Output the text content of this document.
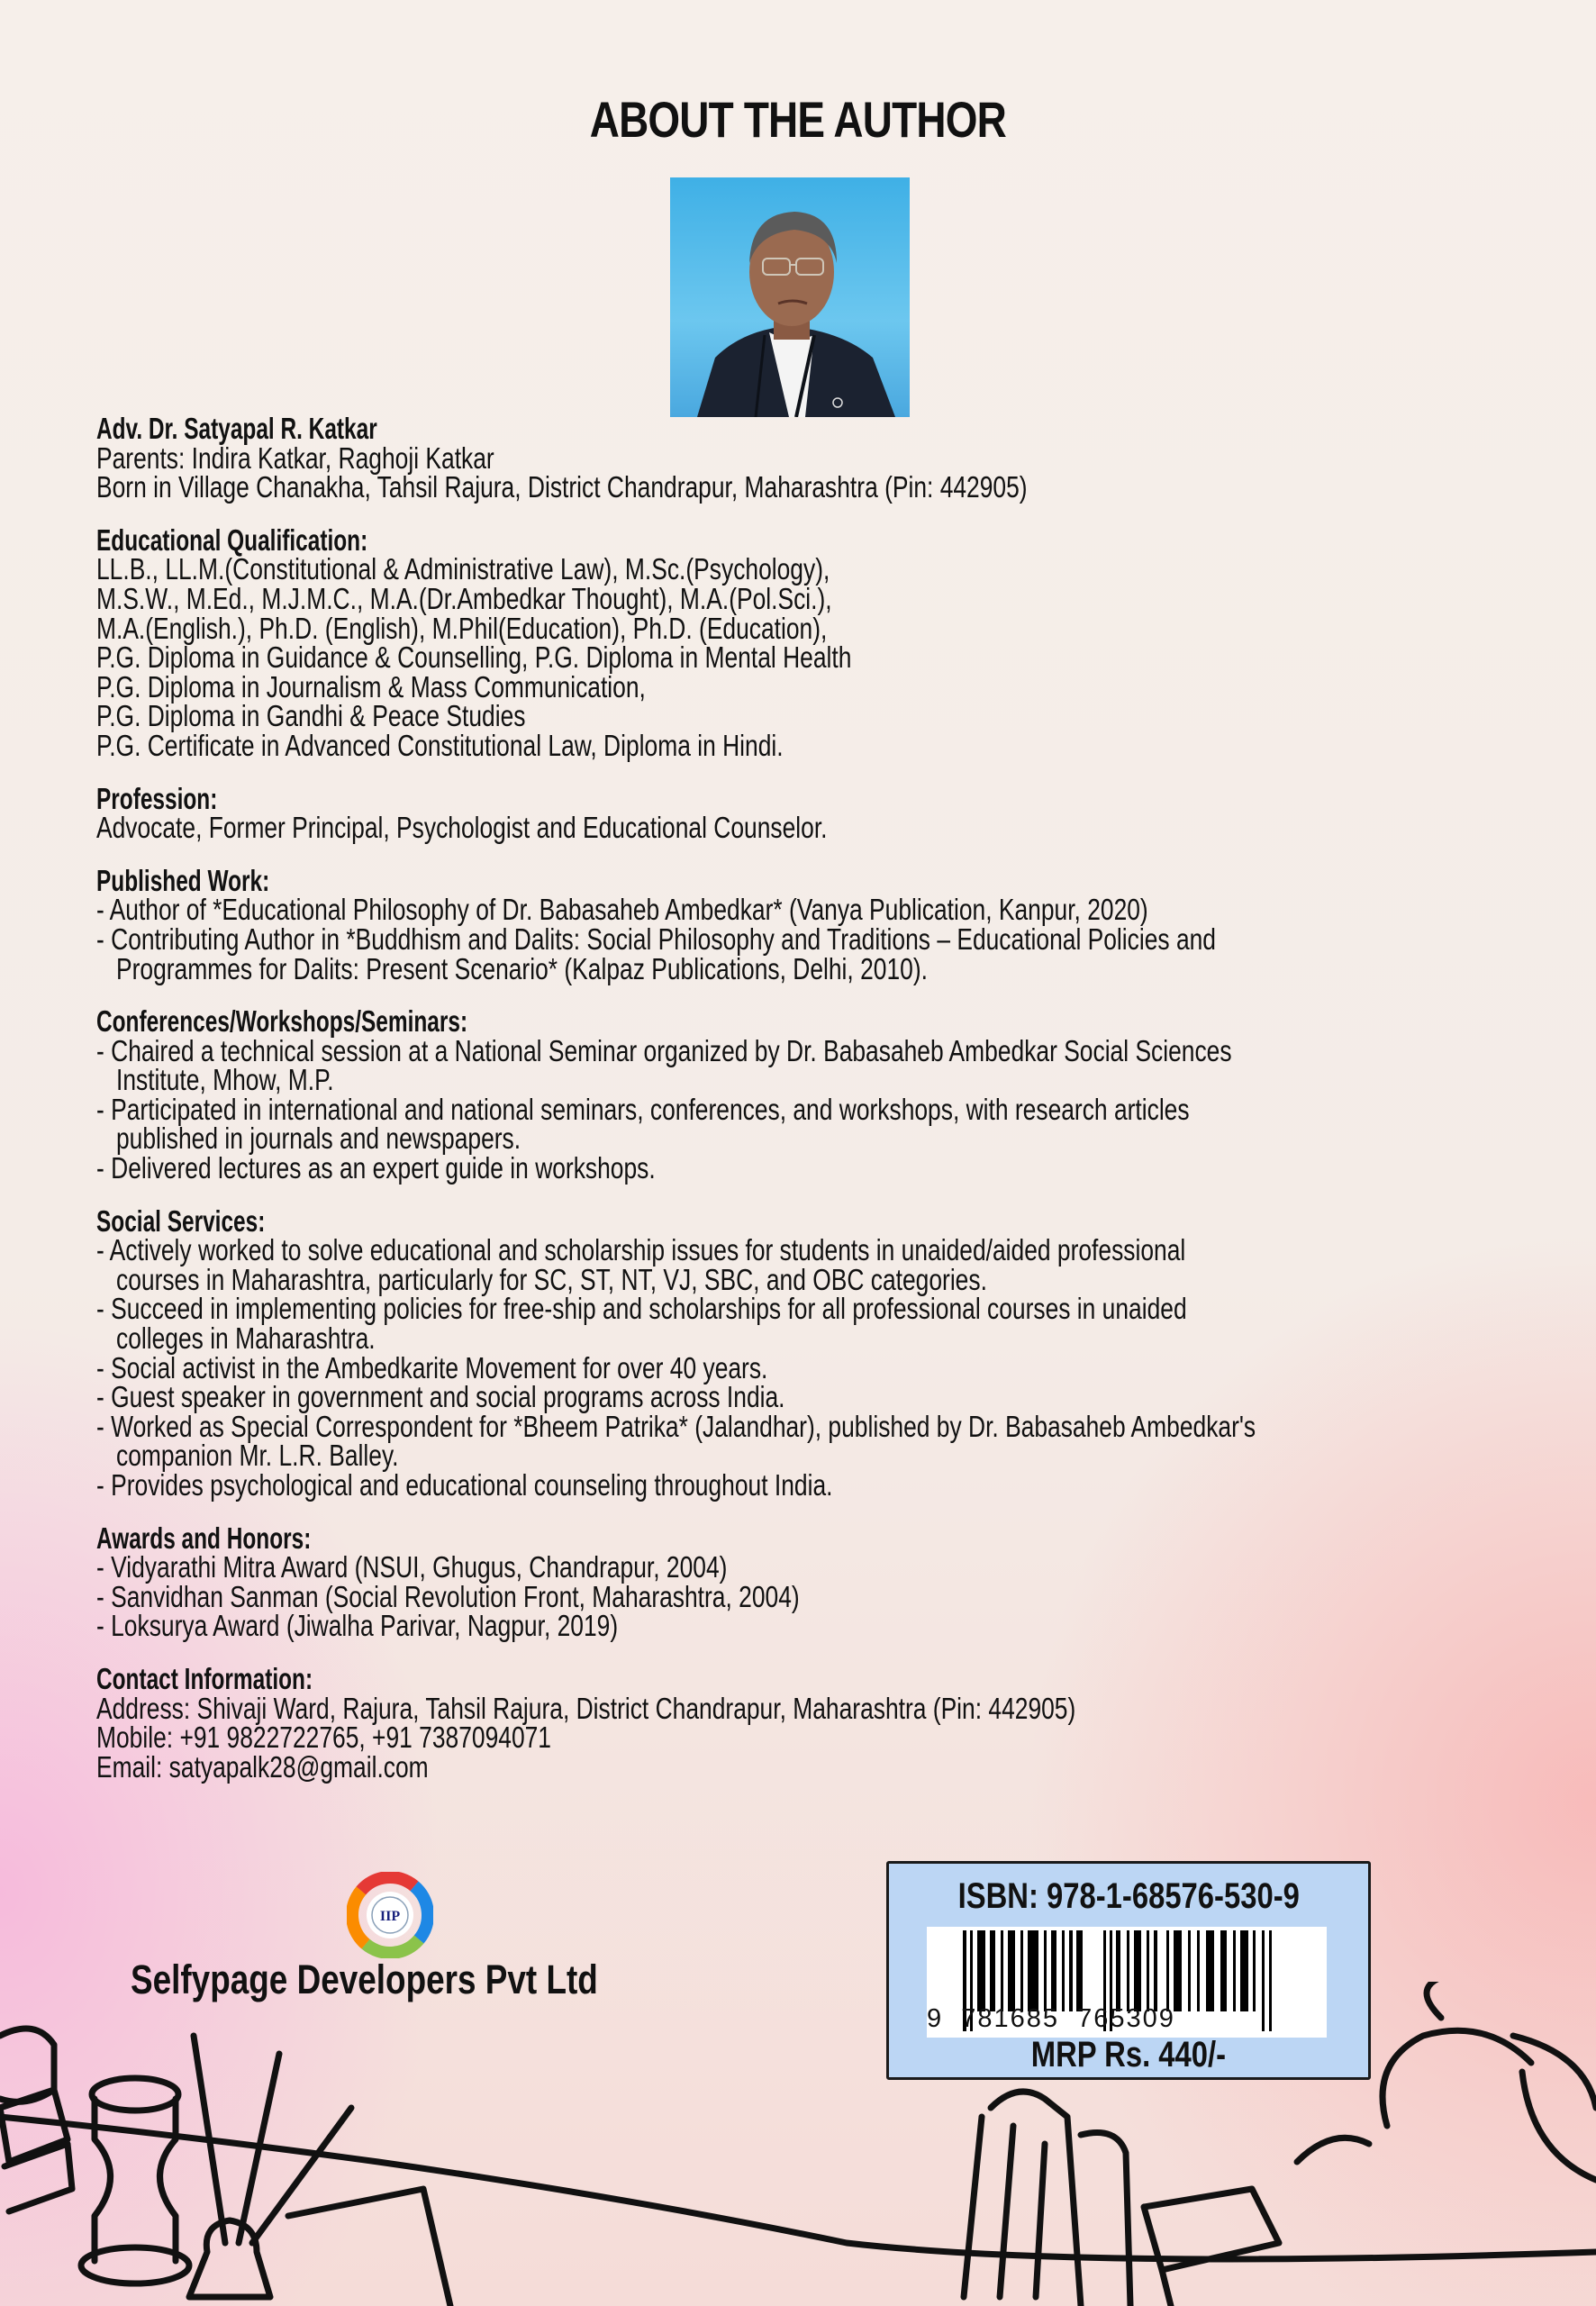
ABOUT THE AUTHOR
Adv. Dr. Satyapal R. Katkar
Parents: Indira Katkar, Raghoji Katkar
Born in Village Chanakha, Tahsil Rajura, District Chandrapur, Maharashtra (Pin: 442905)
Educational Qualification:
LL.B., LL.M.(Constitutional & Administrative Law), M.Sc.(Psychology),
M.S.W., M.Ed., M.J.M.C., M.A.(Dr.Ambedkar Thought), M.A.(Pol.Sci.),
M.A.(English.), Ph.D. (English), M.Phil(Education), Ph.D. (Education),
P.G. Diploma in Guidance & Counselling, P.G. Diploma in Mental Health
P.G. Diploma in Journalism & Mass Communication,
P.G. Diploma in Gandhi & Peace Studies
P.G. Certificate in Advanced Constitutional Law, Diploma in Hindi.
Profession:
Advocate, Former Principal, Psychologist and Educational Counselor.
Published Work:
- Author of *Educational Philosophy of Dr. Babasaheb Ambedkar* (Vanya Publication, Kanpur, 2020)
- Contributing Author in *Buddhism and Dalits: Social Philosophy and Traditions – Educational Policies and
Programmes for Dalits: Present Scenario* (Kalpaz Publications, Delhi, 2010).
Conferences/Workshops/Seminars:
- Chaired a technical session at a National Seminar organized by Dr. Babasaheb Ambedkar Social Sciences
Institute, Mhow, M.P.
- Participated in international and national seminars, conferences, and workshops, with research articles
published in journals and newspapers.
- Delivered lectures as an expert guide in workshops.
Social Services:
- Actively worked to solve educational and scholarship issues for students in unaided/aided professional
courses in Maharashtra, particularly for SC, ST, NT, VJ, SBC, and OBC categories.
- Succeed in implementing policies for free-ship and scholarships for all professional courses in unaided
colleges in Maharashtra.
- Social activist in the Ambedkarite Movement for over 40 years.
- Guest speaker in government and social programs across India.
- Worked as Special Correspondent for *Bheem Patrika* (Jalandhar), published by Dr. Babasaheb Ambedkar's
companion Mr. L.R. Balley.
- Provides psychological and educational counseling throughout India.
Awards and Honors:
- Vidyarathi Mitra Award (NSUI, Ghugus, Chandrapur, 2004)
- Sanvidhan Sanman (Social Revolution Front, Maharashtra, 2004)
- Loksurya Award (Jiwalha Parivar, Nagpur, 2019)
Contact Information:
Address: Shivaji Ward, Rajura, Tahsil Rajura, District Chandrapur, Maharashtra (Pin: 442905)
Mobile: +91 9822722765, +91 7387094071
Email: satyapalk28@gmail.com
IIP
Selfypage Developers Pvt Ltd
ISBN: 978-1-68576-530-9
9  781685  765309
MRP Rs. 440/-
